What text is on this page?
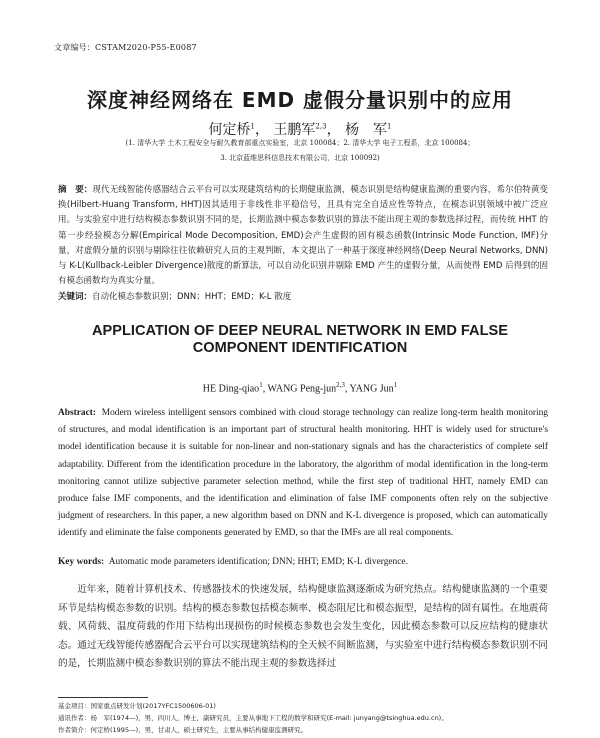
文章编号：CSTAM2020-P55-E0087
深度神经网络在 EMD 虚假分量识别中的应用
何定桥$^1$， 王鹏军$^{2,3}$， 杨　军$^1$
(1. 清华大学 土木工程安全与耐久教育部重点实验室，北京 100084；2. 清华大学 电子工程系，北京 100084；
3. 北京蓝维思科信息技术有限公司，北京 100092)
摘　要：现代无线智能传感器结合云平台可以实现建筑结构的长期健康监测，模态识别是结构健康监测的重要内容，希尔伯特黄变换(Hilbert-Huang Transform, HHT)因其适用于非线性非平稳信号，且具有完全自适应性等特点，在模态识别领域中被广泛应用。与实验室中进行结构模态参数识别不同的是，长期监测中模态参数识别的算法不能出现主观的参数选择过程，而传统 HHT 的第一步经验模态分解(Empirical Mode Decomposition, EMD)会产生虚假的固有模态函数(Intrinsic Mode Function, IMF)分量，对虚假分量的识别与剔除往往依赖研究人员的主观判断，本文提出了一种基于深度神经网络(Deep Neural Networks, DNN)与 K-L(Kullback-Leibler Divergence)散度的新算法，可以自动化识别并剔除 EMD 产生的虚假分量，从而使得 EMD 后得到的固有模态函数均为真实分量。
关键词：自动化模态参数识别；DNN；HHT；EMD；K-L 散度
APPLICATION OF DEEP NEURAL NETWORK IN EMD FALSE
COMPONENT IDENTIFICATION
HE Ding-qiao$^1$, WANG Peng-jun$^{2,3}$, YANG Jun$^1$
Abstract: Modern wireless intelligent sensors combined with cloud storage technology can realize long-term health monitoring of structures, and modal identification is an important part of structural health monitoring. HHT is widely used for structure's model identification because it is suitable for non-linear and non-stationary signals and has the characteristics of complete self adaptability. Different from the identification procedure in the laboratory, the algorithm of modal identification in the long-term monitoring cannot utilize subjective parameter selection method, while the first step of traditional HHT, namely EMD can produce false IMF components, and the identification and elimination of false IMF components often rely on the subjective judgment of researchers. In this paper, a new algorithm based on DNN and K-L divergence is proposed, which can automatically identify and eliminate the false components generated by EMD, so that the IMFs are all real components.
Key words: Automatic mode parameters identification; DNN; HHT; EMD; K-L divergence.
近年来，随着计算机技术、传感器技术的快速发展，结构健康监测逐渐成为研究热点。结构健康监测的一个重要环节是结构模态参数的识别。结构的模态参数包括模态频率、模态阻尼比和模态振型，是结构的固有属性。在地震荷载、风荷载、温度荷载的作用下结构出现损伤的时候模态参数也会发生变化，因此模态参数可以反应结构的健康状态。通过无线智能传感器配合云平台可以实现建筑结构的全天候不间断监测，与实验室中进行结构模态参数识别不同的是，长期监测中模态参数识别的算法不能出现主观的参数选择过
基金项目：国家重点研发计划(2017YFC1500606-01)
通讯作者：杨　军(1974—)，男，四川人，博士，副研究员，主要从事地下工程的数学和研究(E-mail: junyang@tsinghua.edu.cn)。
作者简介：何定桥(1995—)，男，甘肃人，硕士研究生，主要从事结构健康监测研究。
